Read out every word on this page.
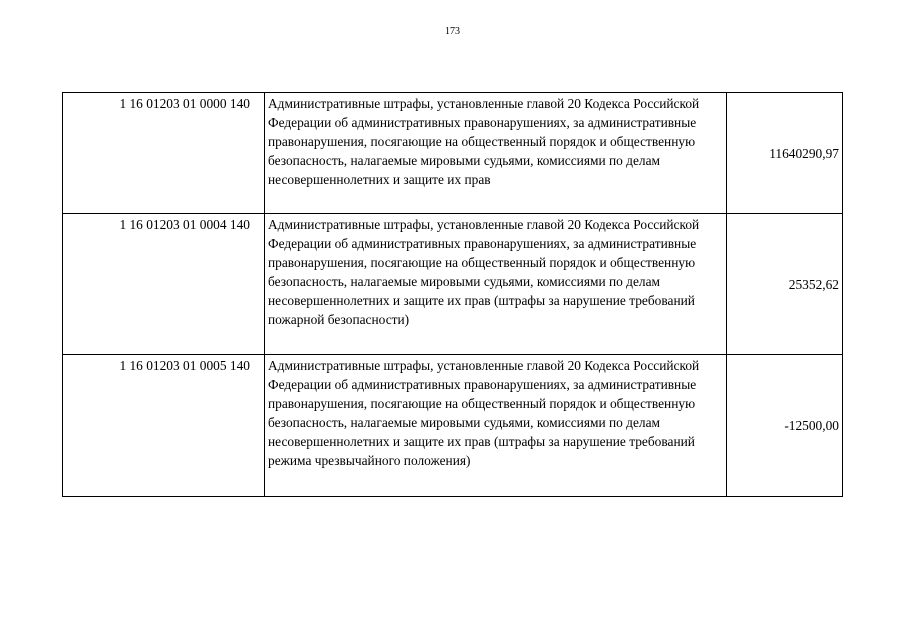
173
1 16 01203 01 0000 140	Административные штрафы, установленные главой 20 Кодекса Российской Федерации об административных правонарушениях, за административные правонарушения, посягающие на общественный порядок и общественную безопасность, налагаемые мировыми судьями, комиссиями по делам несовершеннолетних и защите их прав	11640290,97
1 16 01203 01 0004 140	Административные штрафы, установленные главой 20 Кодекса Российской Федерации об административных правонарушениях, за административные правонарушения, посягающие на общественный порядок и общественную безопасность, налагаемые мировыми судьями, комиссиями по делам несовершеннолетних и защите их прав (штрафы за нарушение требований пожарной безопасности)	25352,62
1 16 01203 01 0005 140	Административные штрафы, установленные главой 20 Кодекса Российской Федерации об административных правонарушениях, за административные правонарушения, посягающие на общественный порядок и общественную безопасность, налагаемые мировыми судьями, комиссиями по делам несовершеннолетних и защите их прав (штрафы за нарушение требований режима чрезвычайного положения)	-12500,00
